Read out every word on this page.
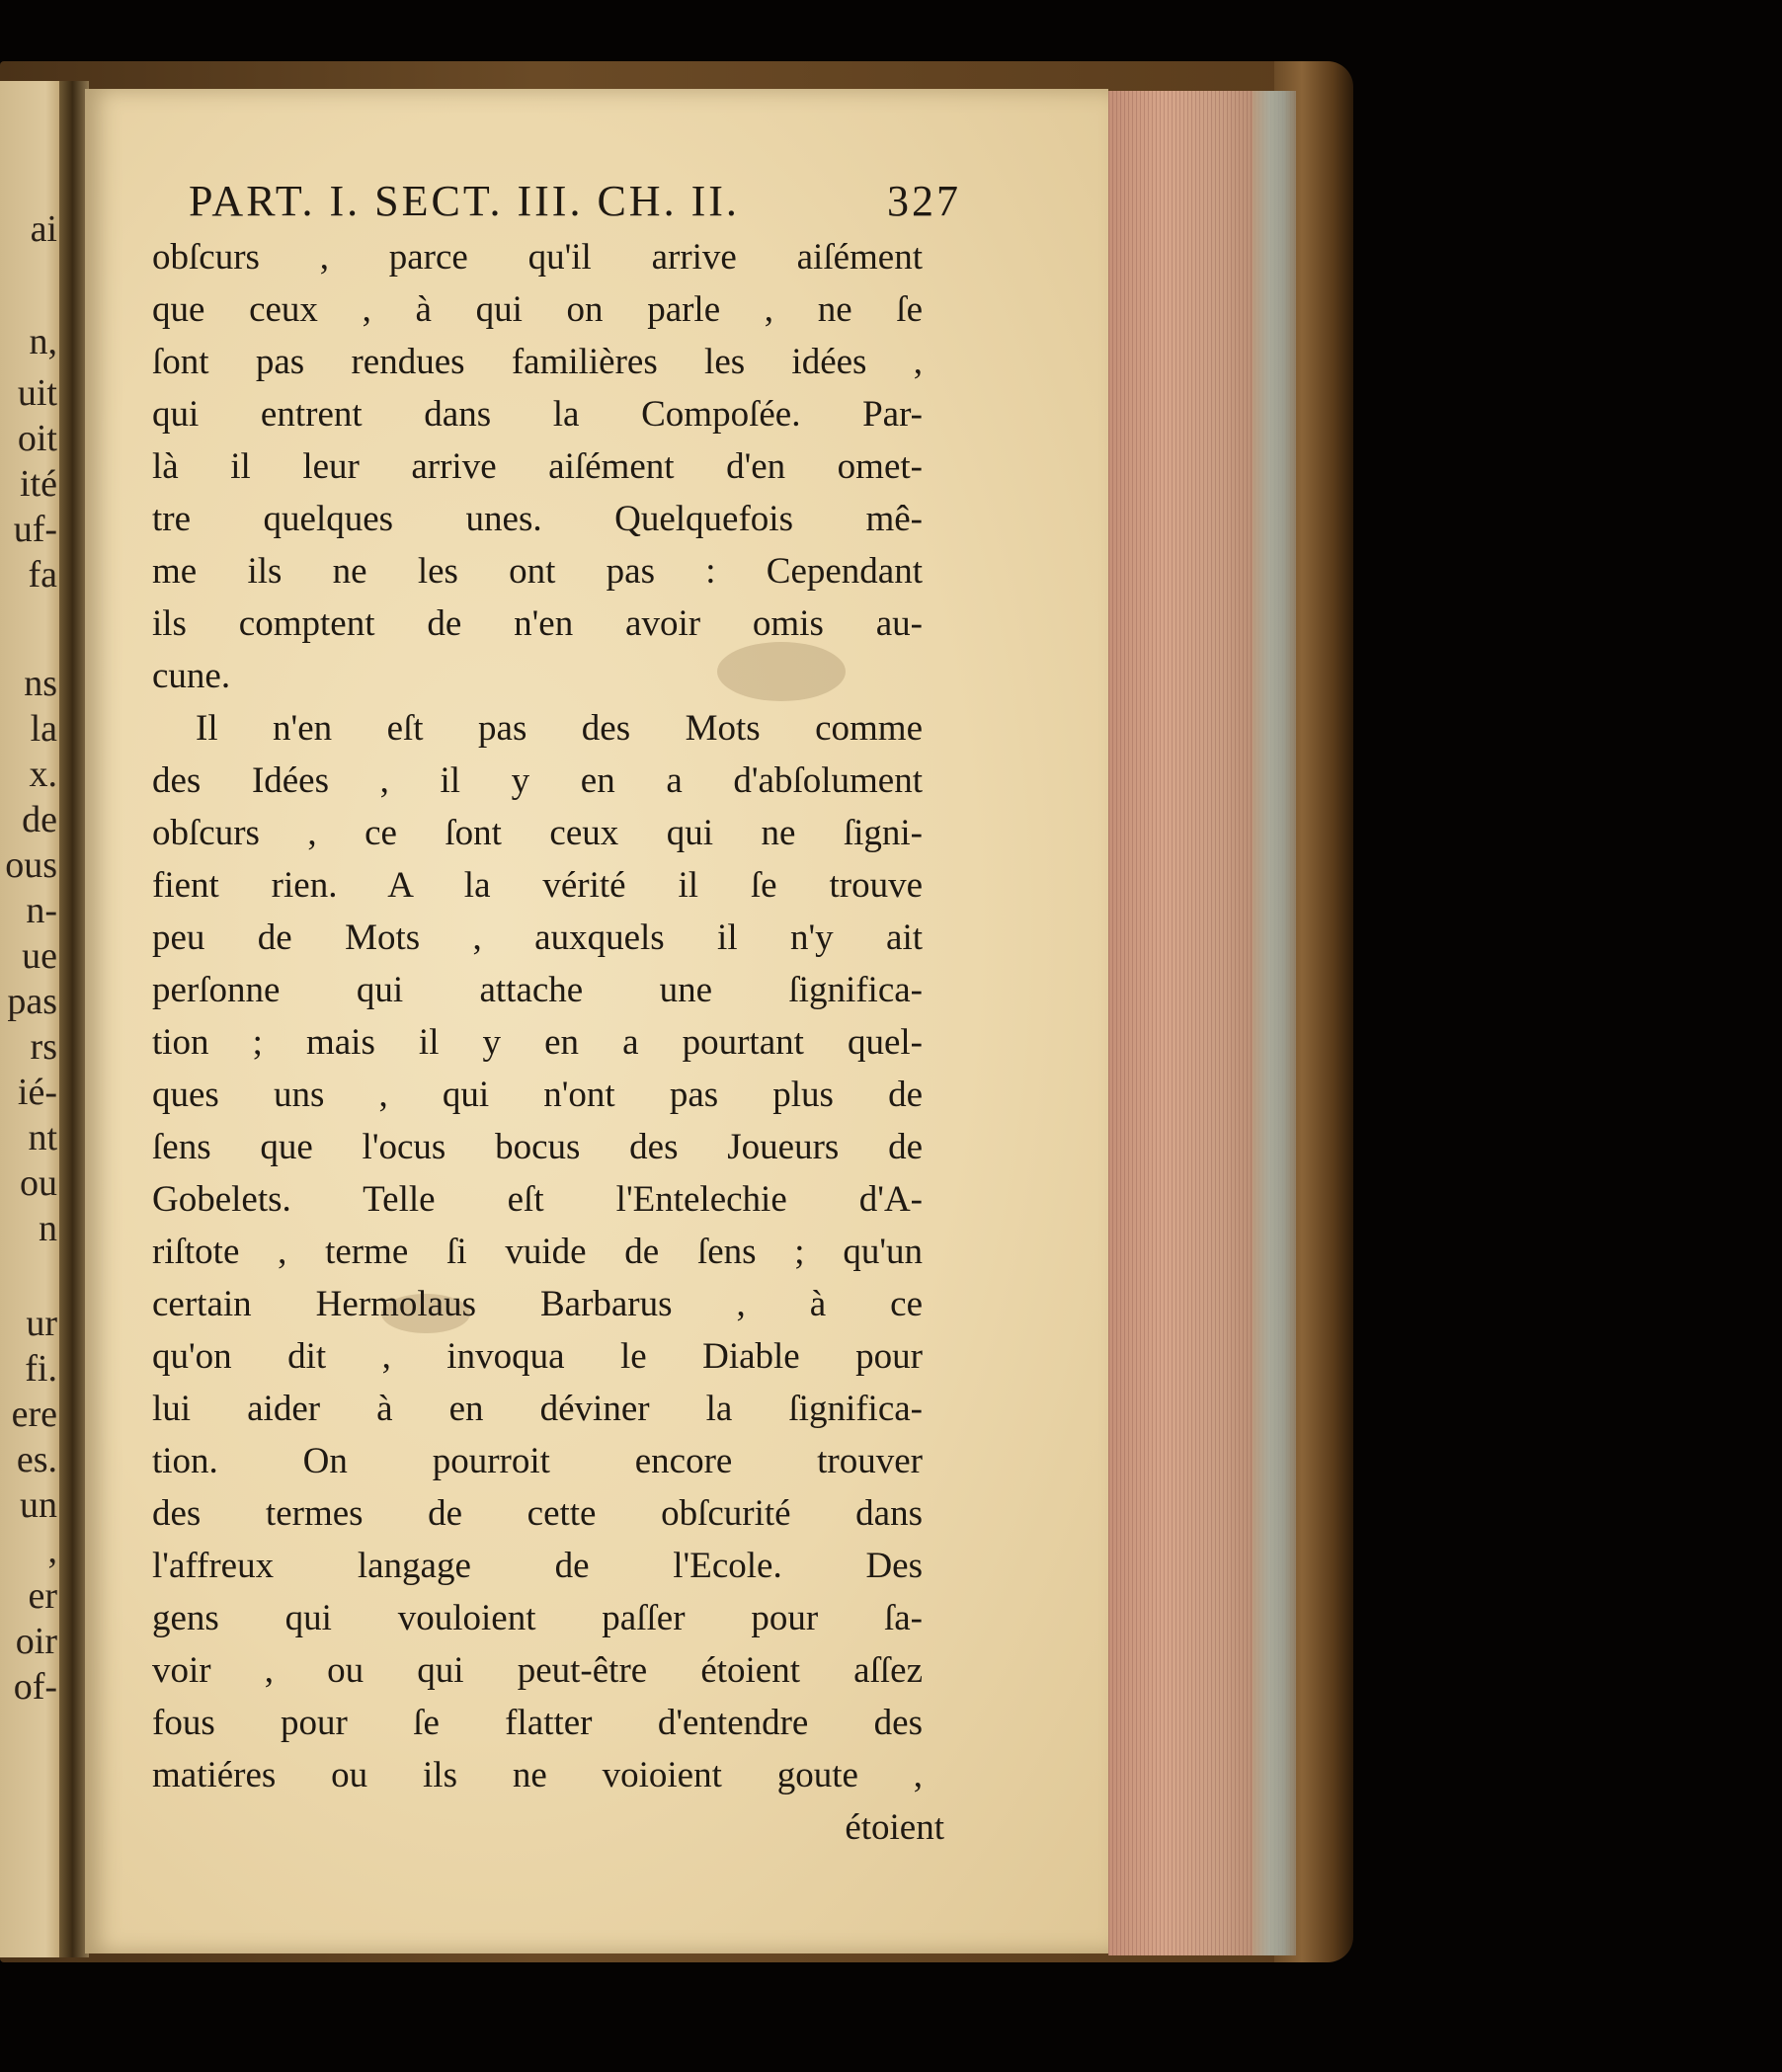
ai
n,
uit
oit
ité
uf-
fa
ns
la
x.
de
ous
n-
ue
pas
rs
ié-
nt
ou
n
ur
fi.
ere
es.
un
,
er
oir
of-
PART. I. SECT. III. CH. II.	327
obſcurs , parce qu'il arrive aiſément
que ceux , à qui on parle , ne ſe
ſont pas rendues familières les idées ,
qui entrent dans la Compoſée. Par-
là il leur arrive aiſément d'en omet-
tre quelques unes. Quelquefois mê-
me ils ne les ont pas : Cependant
ils comptent de n'en avoir omis au-
cune.
Il n'en eſt pas des Mots comme
des Idées , il y en a d'abſolument
obſcurs , ce ſont ceux qui ne ſigni-
fient rien. A la vérité il ſe trouve
peu de Mots , auxquels il n'y ait
perſonne qui attache une ſignifica-
tion ; mais il y en a pourtant quel-
ques uns , qui n'ont pas plus de
ſens que l'ocus bocus des Joueurs de
Gobelets. Telle eſt l'Entelechie d'A-
riſtote , terme ſi vuide de ſens ; qu'un
certain Hermolaus Barbarus , à ce
qu'on dit , invoqua le Diable pour
lui aider à en déviner la ſignifica-
tion. On pourroit encore trouver
des termes de cette obſcurité dans
l'affreux langage de l'Ecole. Des
gens qui vouloient paſſer pour ſa-
voir , ou qui peut-être étoient aſſez
fous pour ſe flatter d'entendre des
matiéres ou ils ne voioient goute ,
étoient
